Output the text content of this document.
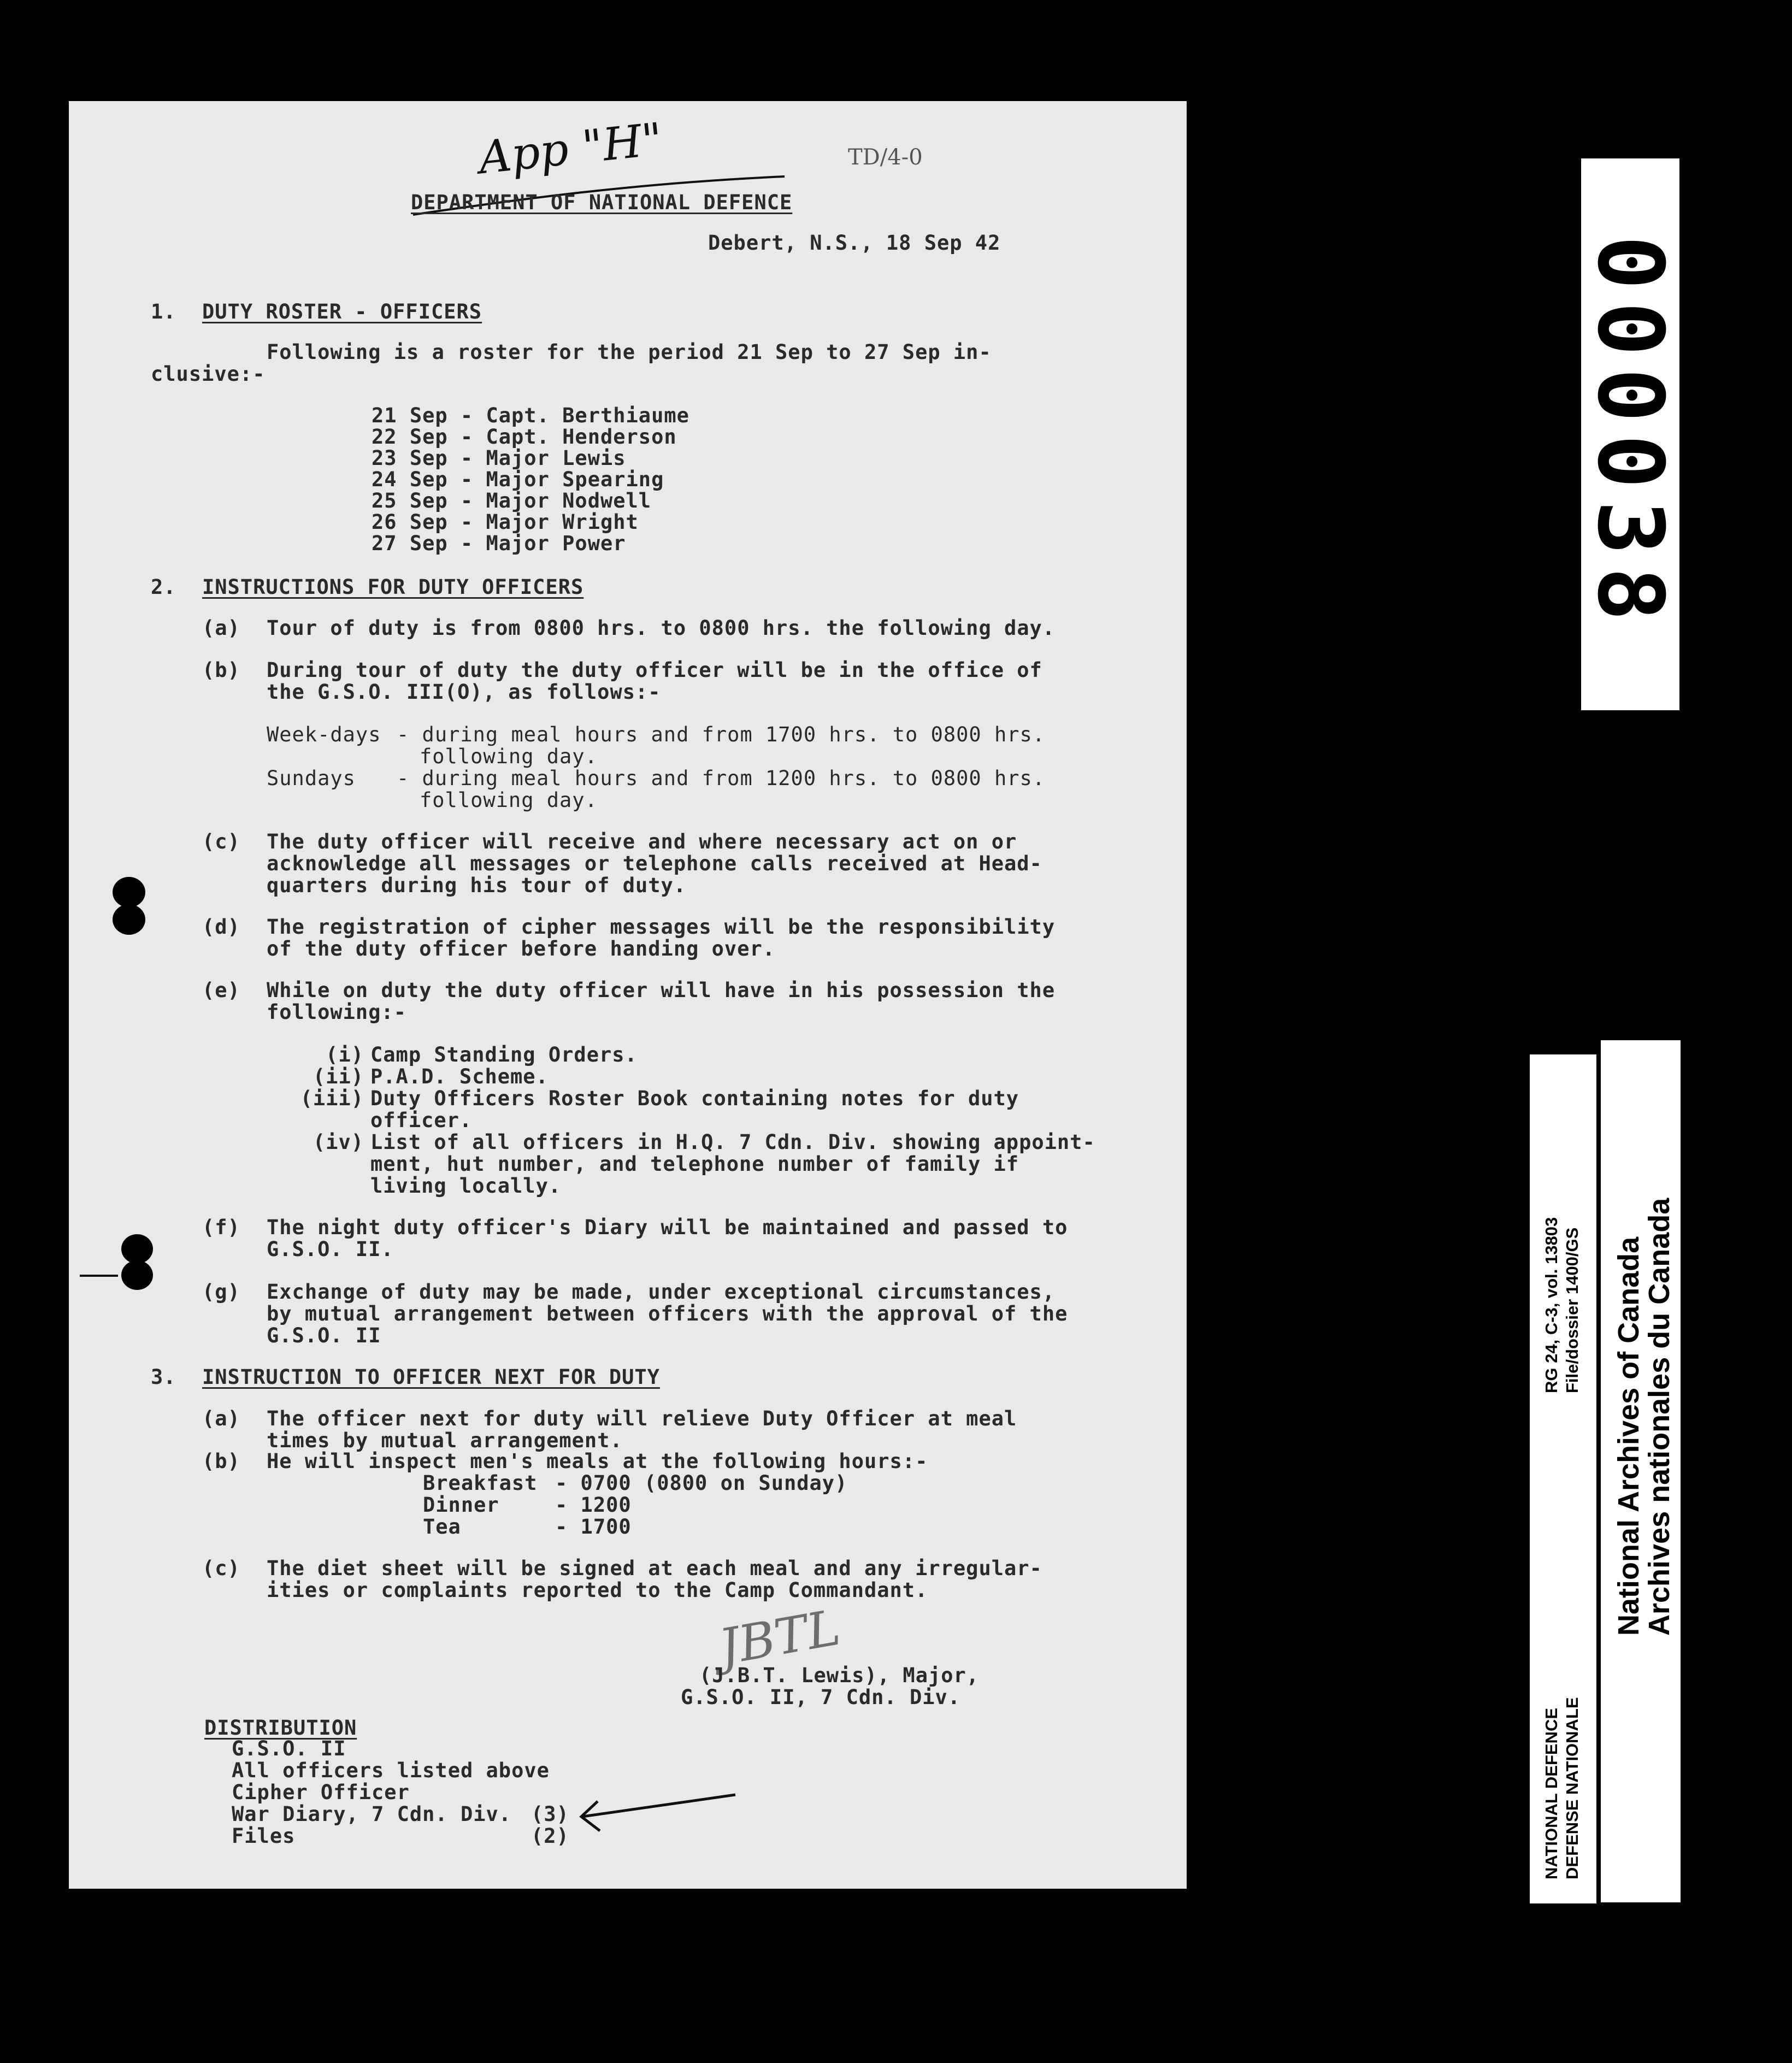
App "H"	TD/4-0
DEPARTMENT OF NATIONAL DEFENCE
Debert, N.S., 18 Sep 42
1. DUTY ROSTER - OFFICERS
Following is a roster for the period 21 Sep to 27 Sep in-
clusive:-
21 Sep - Capt. Berthiaume
22 Sep - Capt. Henderson
23 Sep - Major Lewis
24 Sep - Major Spearing
25 Sep - Major Nodwell
26 Sep - Major Wright
27 Sep - Major Power
2. INSTRUCTIONS FOR DUTY OFFICERS
(a) Tour of duty is from 0800 hrs. to 0800 hrs. the following day.
(b) During tour of duty the duty officer will be in the office of
the G.S.O. III(O), as follows:-
Week-days - during meal hours and from 1700 hrs. to 0800 hrs.
following day.
Sundays - during meal hours and from 1200 hrs. to 0800 hrs.
following day.
(c) The duty officer will receive and where necessary act on or
acknowledge all messages or telephone calls received at Head-
quarters during his tour of duty.
(d) The registration of cipher messages will be the responsibility
of the duty officer before handing over.
(e) While on duty the duty officer will have in his possession the
following:-
(i) Camp Standing Orders.
(ii) P.A.D. Scheme.
(iii) Duty Officers Roster Book containing notes for duty
officer.
(iv) List of all officers in H.Q. 7 Cdn. Div. showing appoint-
ment, hut number, and telephone number of family if
living locally.
(f) The night duty officer's Diary will be maintained and passed to
G.S.O. II.
(g) Exchange of duty may be made, under exceptional circumstances,
by mutual arrangement between officers with the approval of the
G.S.O. II
3. INSTRUCTION TO OFFICER NEXT FOR DUTY
(a) The officer next for duty will relieve Duty Officer at meal
times by mutual arrangement.
(b) He will inspect men's meals at the following hours:-
Breakfast - 0700 (0800 on Sunday)
Dinner	- 1200
Tea	- 1700
(c) The diet sheet will be signed at each meal and any irregular-
ities or complaints reported to the Camp Commandant.
JBTL
(J.B.T. Lewis), Major,
G.S.O. II, 7 Cdn. Div.
DISTRIBUTION
G.S.O. II
All officers listed above
Cipher Officer
War Diary, 7 Cdn. Div. (3)
Files	(2)
000038
RG 24, C-3, vol. 13803 File/dossier 1400/GS
NATIONAL DEFENCE DEFENSE NATIONALE
National Archives of Canada
Archives nationales du Canada
